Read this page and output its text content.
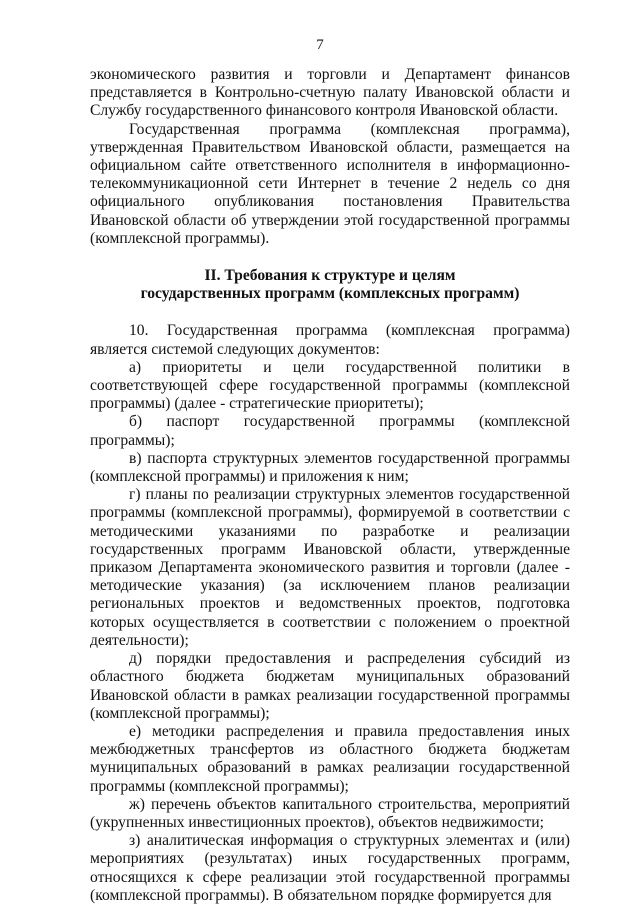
7

экономического развития и торговли и Департамент финансов представляется в Контрольно-счетную палату Ивановской области и Службу государственного финансового контроля Ивановской области.

Государственная программа (комплексная программа), утвержденная Правительством Ивановской области, размещается на официальном сайте ответственного исполнителя в информационно-телекоммуникационной сети Интернет в течение 2 недель со дня официального опубликования постановления Правительства Ивановской области об утверждении этой государственной программы (комплексной программы).

II. Требования к структуре и целям
государственных программ (комплексных программ)

10. Государственная программа (комплексная программа) является системой следующих документов:

а) приоритеты и цели государственной политики в соответствующей сфере государственной программы (комплексной программы) (далее - стратегические приоритеты);

б) паспорт государственной программы (комплексной программы);

в) паспорта структурных элементов государственной программы (комплексной программы) и приложения к ним;

г) планы по реализации структурных элементов государственной программы (комплексной программы), формируемой в соответствии с методическими указаниями по разработке и реализации государственных программ Ивановской области, утвержденные приказом Департамента экономического развития и торговли (далее - методические указания) (за исключением планов реализации региональных проектов и ведомственных проектов, подготовка которых осуществляется в соответствии с положением о проектной деятельности);

д) порядки предоставления и распределения субсидий из областного бюджета бюджетам муниципальных образований Ивановской области в рамках реализации государственной программы (комплексной программы);

е) методики распределения и правила предоставления иных межбюджетных трансфертов из областного бюджета бюджетам муниципальных образований в рамках реализации государственной программы (комплексной программы);

ж) перечень объектов капитального строительства, мероприятий (укрупненных инвестиционных проектов), объектов недвижимости;

з) аналитическая информация о структурных элементах и (или) мероприятиях (результатах) иных государственных программ, относящихся к сфере реализации этой государственной программы (комплексной программы). В обязательном порядке формируется для
